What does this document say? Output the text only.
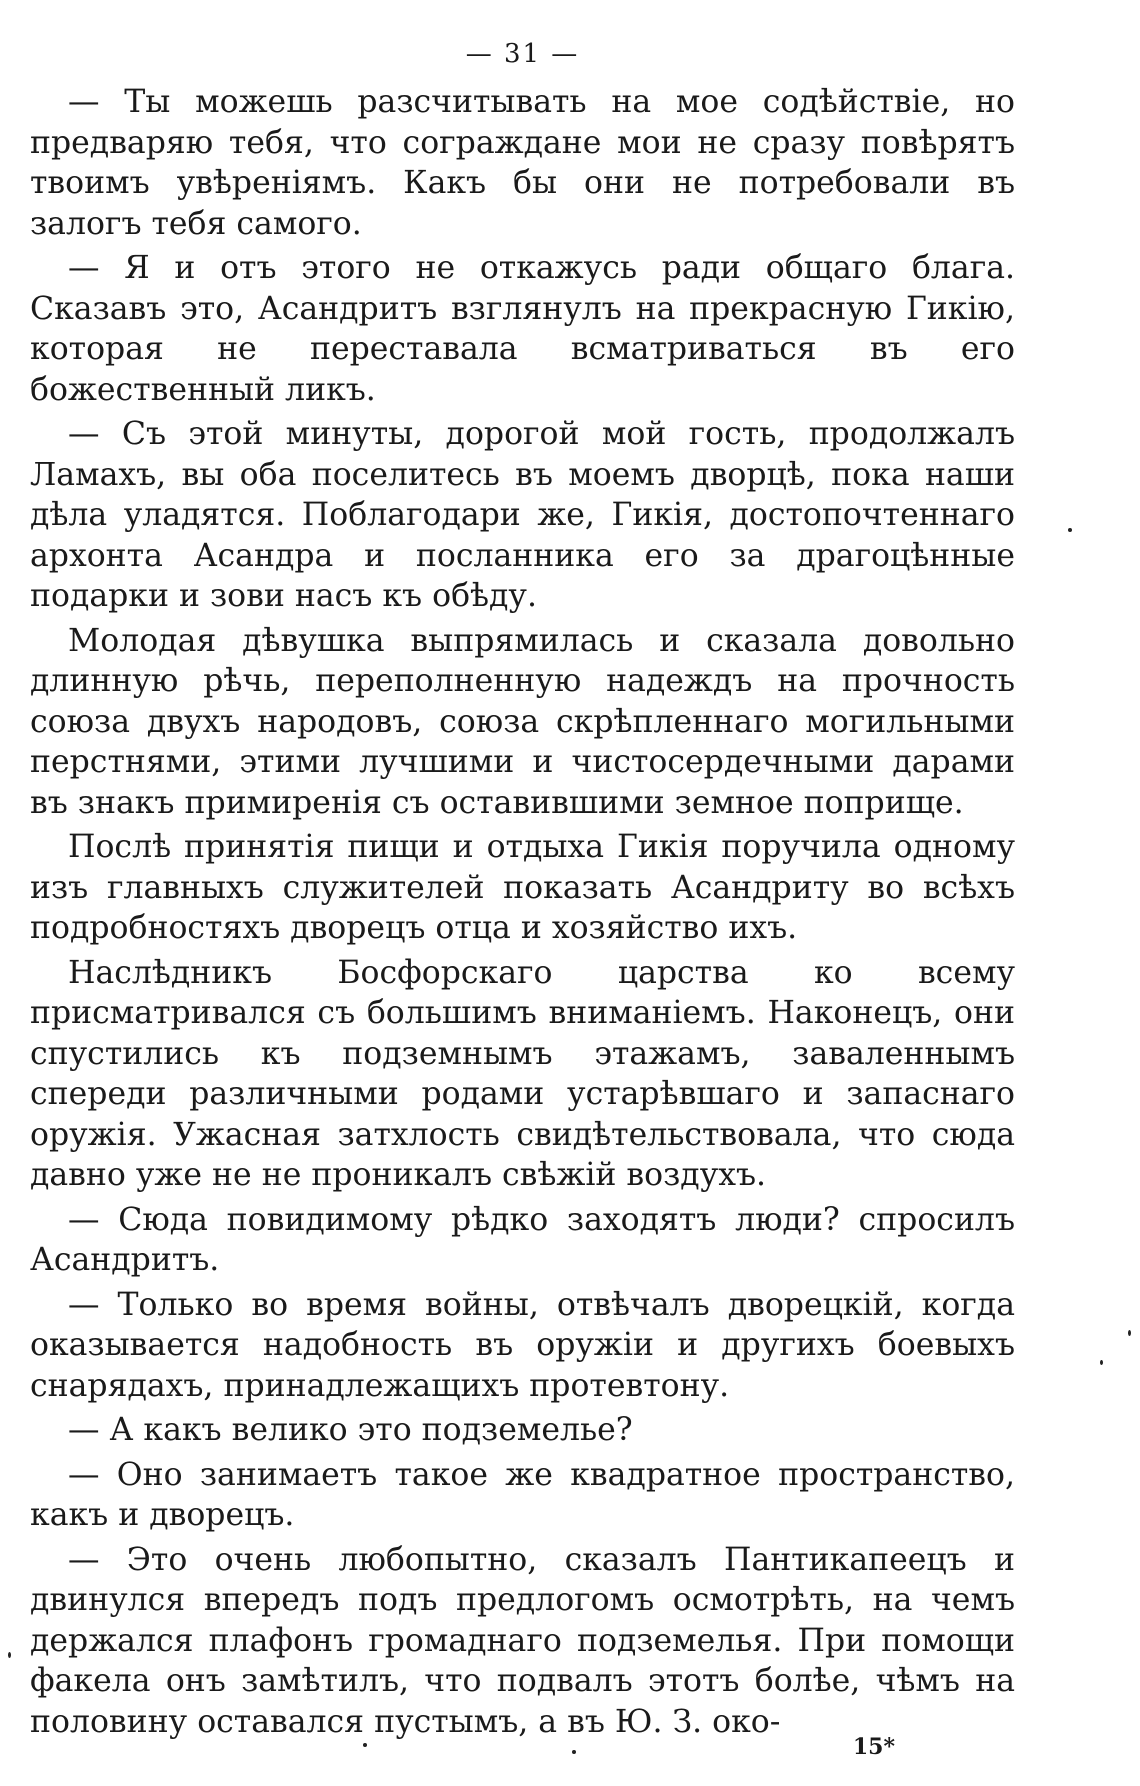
— 31 —

— Ты можешь разсчитывать на мое содѣйствіе, но предваряю тебя, что сограждане мои не сразу повѣрятъ твоимъ увѣреніямъ. Какъ бы они не потребовали въ залогъ тебя самого.

— Я и отъ этого не откажусь ради общаго блага. Сказавъ это, Асандритъ взглянулъ на прекрасную Гикію, которая не переставала всматриваться въ его божественный ликъ.

— Съ этой минуты, дорогой мой гость, продолжалъ Ламахъ, вы оба поселитесь въ моемъ дворцѣ, пока наши дѣла уладятся. Поблагодари же, Гикія, достопочтеннаго архонта Асандра и посланника его за драгоцѣнные подарки и зови насъ къ обѣду.

Молодая дѣвушка выпрямилась и сказала довольно длинную рѣчь, переполненную надеждъ на прочность союза двухъ народовъ, союза скрѣпленнаго могильными перстнями, этими лучшими и чистосердечными дарами въ знакъ примиренія съ оставившими земное поприще.

Послѣ принятія пищи и отдыха Гикія поручила одному изъ главныхъ служителей показать Асандриту во всѣхъ подробностяхъ дворецъ отца и хозяйство ихъ.

Наслѣдникъ Босфорскаго царства ко всему присматривался съ большимъ вниманіемъ. Наконецъ, они спустились къ подземнымъ этажамъ, заваленнымъ спереди различными родами устарѣвшаго и запаснаго оружія. Ужасная затхлость свидѣтельствовала, что сюда давно уже не не проникалъ свѣжій воздухъ.

— Сюда повидимому рѣдко заходятъ люди? спросилъ Асандритъ.

— Только во время войны, отвѣчалъ дворецкій, когда оказывается надобность въ оружіи и другихъ боевыхъ снарядахъ, принадлежащихъ протевтону.

— А какъ велико это подземелье?

— Оно занимаетъ такое же квадратное пространство, какъ и дворецъ.

— Это очень любопытно, сказалъ Пантикапеецъ и двинулся впередъ подъ предлогомъ осмотрѣть, на чемъ держался плафонъ громаднаго подземелья. При помощи факела онъ замѣтилъ, что подвалъ этотъ болѣе, чѣмъ на половину оставался пустымъ, а въ Ю. З. око-

15*
